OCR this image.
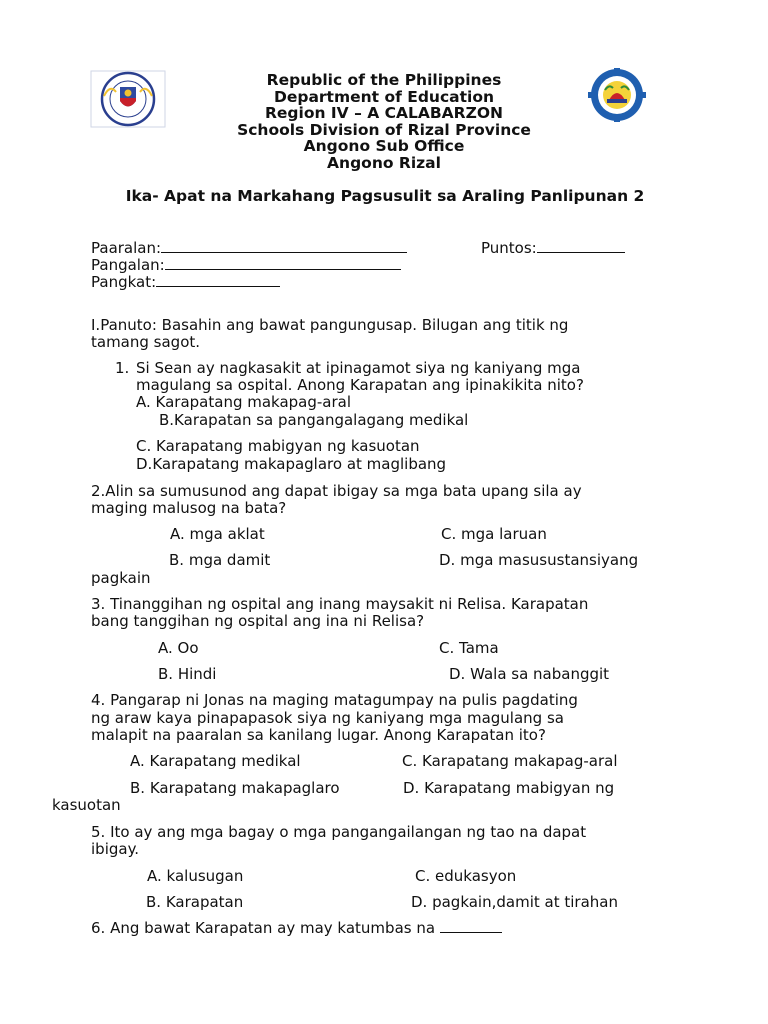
Republic of the Philippines
Department of Education
Region IV – A CALABARZON
Schools Division of Rizal Province
Angono Sub Office
Angono Rizal
Ika- Apat na Markahang Pagsusulit sa Araling Panlipunan 2
Paaralan:	Puntos:
Pangalan:
Pangkat:
I.Panuto: Basahin ang bawat pangungusap. Bilugan ang titik ng
tamang sagot.
1. Si Sean ay nagkasakit at ipinagamot siya ng kaniyang mga
magulang sa ospital. Anong Karapatan ang ipinakikita nito?
A. Karapatang makapag-aral
B.Karapatan sa pangangalagang medikal
C. Karapatang mabigyan ng kasuotan
D.Karapatang makapaglaro at maglibang
2.Alin sa sumusunod ang dapat ibigay sa mga bata upang sila ay
maging malusog na bata?
A. mga aklat	C. mga laruan
B. mga damit	D. mga masusustansiyang
pagkain
3. Tinanggihan ng ospital ang inang maysakit ni Relisa. Karapatan
bang tanggihan ng ospital ang ina ni Relisa?
A. Oo	C. Tama
B. Hindi	D. Wala sa nabanggit
4. Pangarap ni Jonas na maging matagumpay na pulis pagdating
ng araw kaya pinapapasok siya ng kaniyang mga magulang sa
malapit na paaralan sa kanilang lugar. Anong Karapatan ito?
A. Karapatang medikal	C. Karapatang makapag-aral
B. Karapatang makapaglaro	D. Karapatang mabigyan ng
kasuotan
5. Ito ay ang mga bagay o mga pangangailangan ng tao na dapat
ibigay.
A. kalusugan	C. edukasyon
B. Karapatan	D. pagkain,damit at tirahan
6. Ang bawat Karapatan ay may katumbas na
